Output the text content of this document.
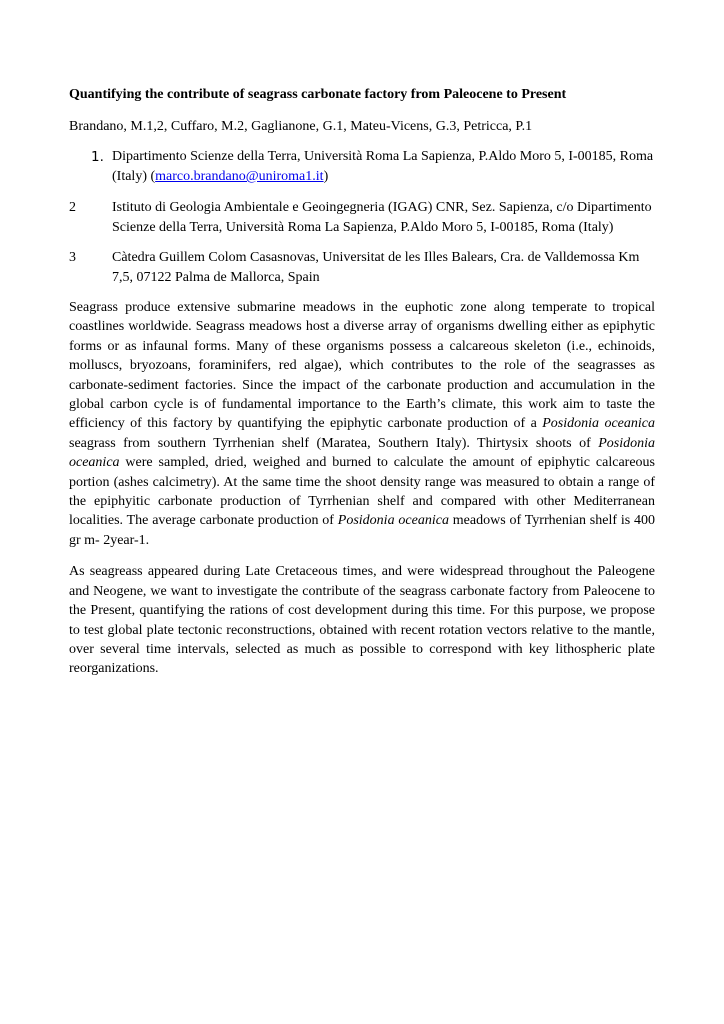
Quantifying the contribute of seagrass carbonate factory from Paleocene to Present

Brandano, M.1,2, Cuffaro, M.2, Gaglianone, G.1, Mateu-Vicens, G.3, Petricca, P.1

1. Dipartimento Scienze della Terra, Università Roma La Sapienza, P.Aldo Moro 5, I-00185, Roma (Italy) (marco.brandano@uniroma1.it)
2	Istituto di Geologia Ambientale e Geoingegneria (IGAG) CNR, Sez. Sapienza, c/o Dipartimento Scienze della Terra, Università Roma La Sapienza, P.Aldo Moro 5, I-00185, Roma (Italy)
3	Càtedra Guillem Colom Casasnovas, Universitat de les Illes Balears, Cra. de Valldemossa Km 7,5, 07122 Palma de Mallorca, Spain

Seagrass produce extensive submarine meadows in the euphotic zone along temperate to tropical coastlines worldwide. Seagrass meadows host a diverse array of organisms dwelling either as epiphytic forms or as infaunal forms. Many of these organisms possess a calcareous skeleton (i.e., echinoids, molluscs, bryozoans, foraminifers, red algae), which contributes to the role of the seagrasses as carbonate-sediment factories. Since the impact of the carbonate production and accumulation in the global carbon cycle is of fundamental importance to the Earth’s climate, this work aim to taste the efficiency of this factory by quantifying the epiphytic carbonate production of a Posidonia oceanica seagrass from southern Tyrrhenian shelf (Maratea, Southern Italy). Thirtysix shoots of Posidonia oceanica were sampled, dried, weighed and burned to calculate the amount of epiphytic calcareous portion (ashes calcimetry). At the same time the shoot density range was measured to obtain a range of the epiphyitic carbonate production of Tyrrhenian shelf and compared with other Mediterranean localities. The average carbonate production of Posidonia oceanica meadows of Tyrrhenian shelf is 400 gr m- 2year-1.

As seagreass appeared during Late Cretaceous times, and were widespread throughout the Paleogene and Neogene, we want to investigate the contribute of the seagrass carbonate factory from Paleocene to the Present, quantifying the rations of cost development during this time. For this purpose, we propose to test global plate tectonic reconstructions, obtained with recent rotation vectors relative to the mantle, over several time intervals, selected as much as possible to correspond with key lithospheric plate reorganizations.
